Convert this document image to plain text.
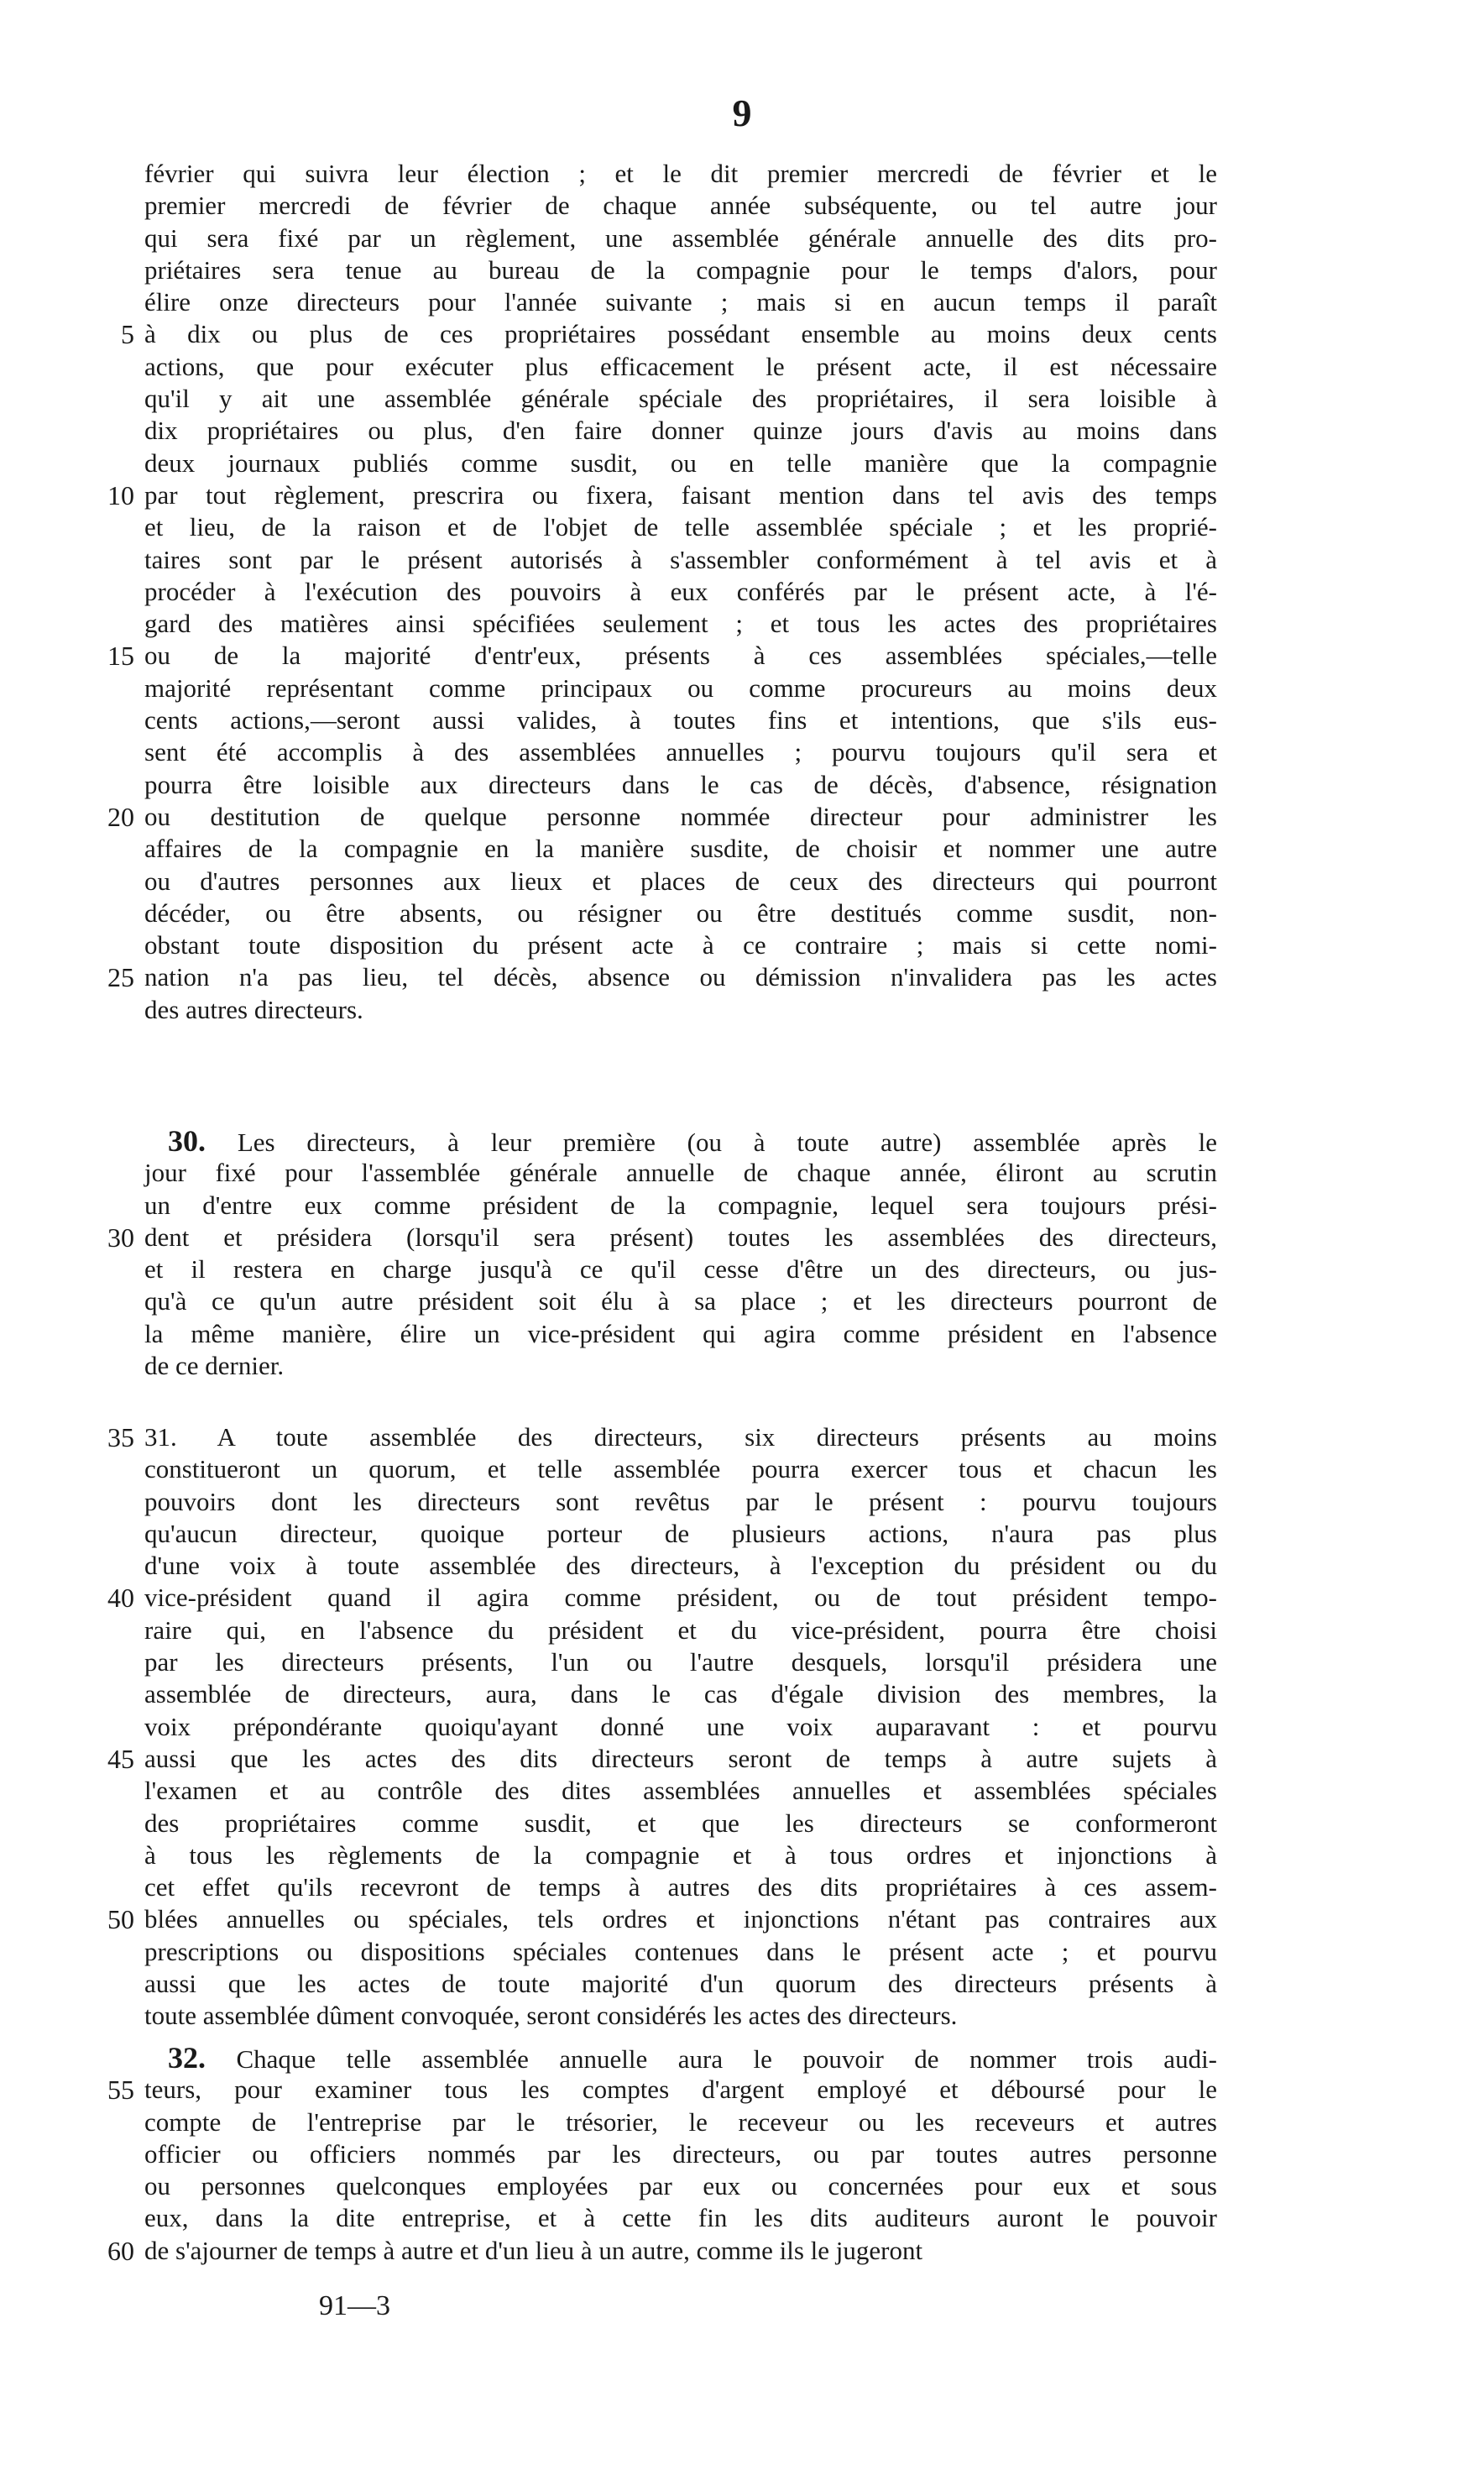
9
février qui suivra leur élection ; et le dit premier mercredi de février et le
premier mercredi de février de chaque année subséquente, ou tel autre jour
qui sera fixé par un règlement, une assemblée générale annuelle des dits pro-
priétaires sera tenue au bureau de la compagnie pour le temps d'alors, pour
élire onze directeurs pour l'année suivante ; mais si en aucun temps il paraît
5 à dix ou plus de ces propriétaires possédant ensemble au moins deux cents
actions, que pour exécuter plus efficacement le présent acte, il est nécessaire
qu'il y ait une assemblée générale spéciale des propriétaires, il sera loisible à
dix propriétaires ou plus, d'en faire donner quinze jours d'avis au moins dans
deux journaux publiés comme susdit, ou en telle manière que la compagnie
10 par tout règlement, prescrira ou fixera, faisant mention dans tel avis des temps
et lieu, de la raison et de l'objet de telle assemblée spéciale ; et les proprié-
taires sont par le présent autorisés à s'assembler conformément à tel avis et à
procéder à l'exécution des pouvoirs à eux conférés par le présent acte, à l'é-
gard des matières ainsi spécifiées seulement ; et tous les actes des propriétaires
15 ou de la majorité d'entr'eux, présents à ces assemblées spéciales,—telle
majorité représentant comme principaux ou comme procureurs au moins deux
cents actions,—seront aussi valides, à toutes fins et intentions, que s'ils eus-
sent été accomplis à des assemblées annuelles ; pourvu toujours qu'il sera et
pourra être loisible aux directeurs dans le cas de décès, d'absence, résignation
20 ou destitution de quelque personne nommée directeur pour administrer les
affaires de la compagnie en la manière susdite, de choisir et nommer une autre
ou d'autres personnes aux lieux et places de ceux des directeurs qui pourront
décéder, ou être absents, ou résigner ou être destitués comme susdit, non-
obstant toute disposition du présent acte à ce contraire ; mais si cette nomi-
25 nation n'a pas lieu, tel décès, absence ou démission n'invalidera pas les actes
des autres directeurs.
30. Les directeurs, à leur première (ou à toute autre) assemblée après le
jour fixé pour l'assemblée générale annuelle de chaque année, éliront au scrutin
un d'entre eux comme président de la compagnie, lequel sera toujours prési-
30 dent et présidera (lorsqu'il sera présent) toutes les assemblées des directeurs,
et il restera en charge jusqu'à ce qu'il cesse d'être un des directeurs, ou jus-
qu'à ce qu'un autre président soit élu à sa place ; et les directeurs pourront de
la même manière, élire un vice-président qui agira comme président en l'absence
de ce dernier.
35 31. A toute assemblée des directeurs, six directeurs présents au moins
constitueront un quorum, et telle assemblée pourra exercer tous et chacun les
pouvoirs dont les directeurs sont revêtus par le présent : pourvu toujours
qu'aucun directeur, quoique porteur de plusieurs actions, n'aura pas plus
d'une voix à toute assemblée des directeurs, à l'exception du président ou du
40 vice-président quand il agira comme président, ou de tout président tempo-
raire qui, en l'absence du président et du vice-président, pourra être choisi
par les directeurs présents, l'un ou l'autre desquels, lorsqu'il présidera une
assemblée de directeurs, aura, dans le cas d'égale division des membres, la
voix prépondérante quoiqu'ayant donné une voix auparavant : et pourvu
45 aussi que les actes des dits directeurs seront de temps à autre sujets à
l'examen et au contrôle des dites assemblées annuelles et assemblées spéciales
des propriétaires comme susdit, et que les directeurs se conformeront
à tous les règlements de la compagnie et à tous ordres et injonctions à
cet effet qu'ils recevront de temps à autres des dits propriétaires à ces assem-
50 blées annuelles ou spéciales, tels ordres et injonctions n'étant pas contraires aux
prescriptions ou dispositions spéciales contenues dans le présent acte ; et pourvu
aussi que les actes de toute majorité d'un quorum des directeurs présents à
toute assemblée dûment convoquée, seront considérés les actes des directeurs.
32. Chaque telle assemblée annuelle aura le pouvoir de nommer trois audi-
55 teurs, pour examiner tous les comptes d'argent employé et déboursé pour le
compte de l'entreprise par le trésorier, le receveur ou les receveurs et autres
officier ou officiers nommés par les directeurs, ou par toutes autres personne
ou personnes quelconques employées par eux ou concernées pour eux et sous
eux, dans la dite entreprise, et à cette fin les dits auditeurs auront le pouvoir
60 de s'ajourner de temps à autre et d'un lieu à un autre, comme ils le jugeront
91—3
